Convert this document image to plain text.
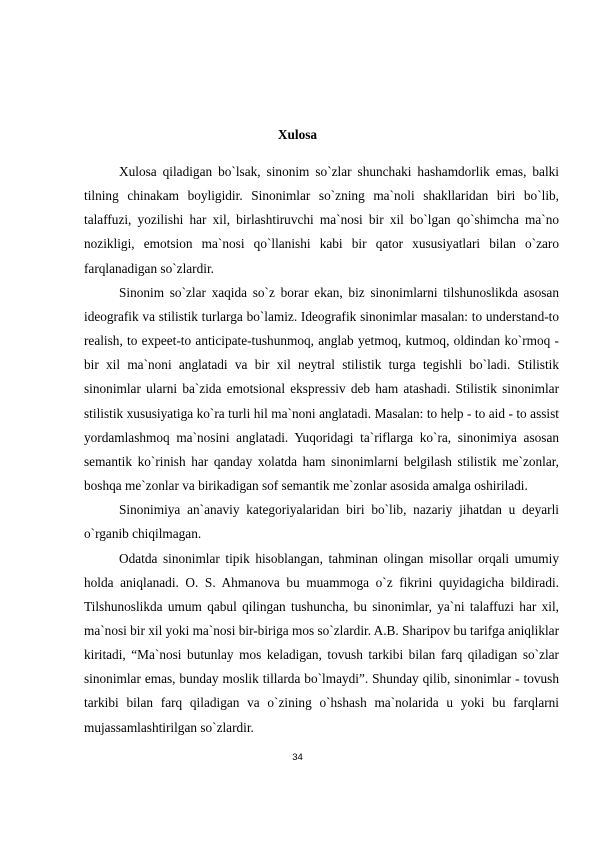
Xulosa

Xulosa qiladigan bo`lsak, sinonim so`zlar shunchaki hashamdorlik emas, balki tilning chinakam boyligidir. Sinonimlar so`zning ma`noli shakllaridan biri bo`lib, talaffuzi, yozilishi har xil, birlashtiruvchi ma`nosi bir xil bo`lgan qo`shimcha ma`no nozikligi, emotsion ma`nosi qo`llanishi kabi bir qator xususiyatlari bilan o`zaro farqlanadigan so`zlardir.

Sinonim so`zlar xaqida so`z borar ekan, biz sinonimlarni tilshunoslikda asosan ideografik va stilistik turlarga bo`lamiz. Ideografik sinonimlar masalan: to understand-to realish, to expeet-to anticipate-tushunmoq, anglab yetmoq, kutmoq, oldindan ko`rmoq - bir xil ma`noni anglatadi va bir xil neytral stilistik turga tegishli bo`ladi. Stilistik sinonimlar ularni ba`zida emotsional ekspressiv deb ham atashadi. Stilistik sinonimlar stilistik xususiyatiga ko`ra turli hil ma`noni anglatadi. Masalan: to help - to aid - to assist yordamlashmoq ma`nosini anglatadi. Yuqoridagi ta`riflarga ko`ra, sinonimiya asosan semantik ko`rinish har qanday xolatda ham sinonimlarni belgilash stilistik me`zonlar, boshqa me`zonlar va birikadigan sof semantik me`zonlar asosida amalga oshiriladi.

Sinonimiya an`anaviy kategoriyalaridan biri bo`lib, nazariy jihatdan u deyarli o`rganib chiqilmagan.

Odatda sinonimlar tipik hisoblangan, tahminan olingan misollar orqali umumiy holda aniqlanadi. O. S. Ahmanova bu muammoga o`z fikrini quyidagicha bildiradi. Tilshunoslikda umum qabul qilingan tushuncha, bu sinonimlar, ya`ni talaffuzi har xil, ma`nosi bir xil yoki ma`nosi bir-biriga mos so`zlardir. A.B. Sharipov bu tarifga aniqliklar kiritadi, “Ma`nosi butunlay mos keladigan, tovush tarkibi bilan farq qiladigan so`zlar sinonimlar emas, bunday moslik tillarda bo`lmaydi”. Shunday qilib, sinonimlar - tovush tarkibi bilan farq qiladigan va o`zining o`hshash ma`nolarida u yoki bu farqlarni mujassamlashtirilgan so`zlardir.

34
